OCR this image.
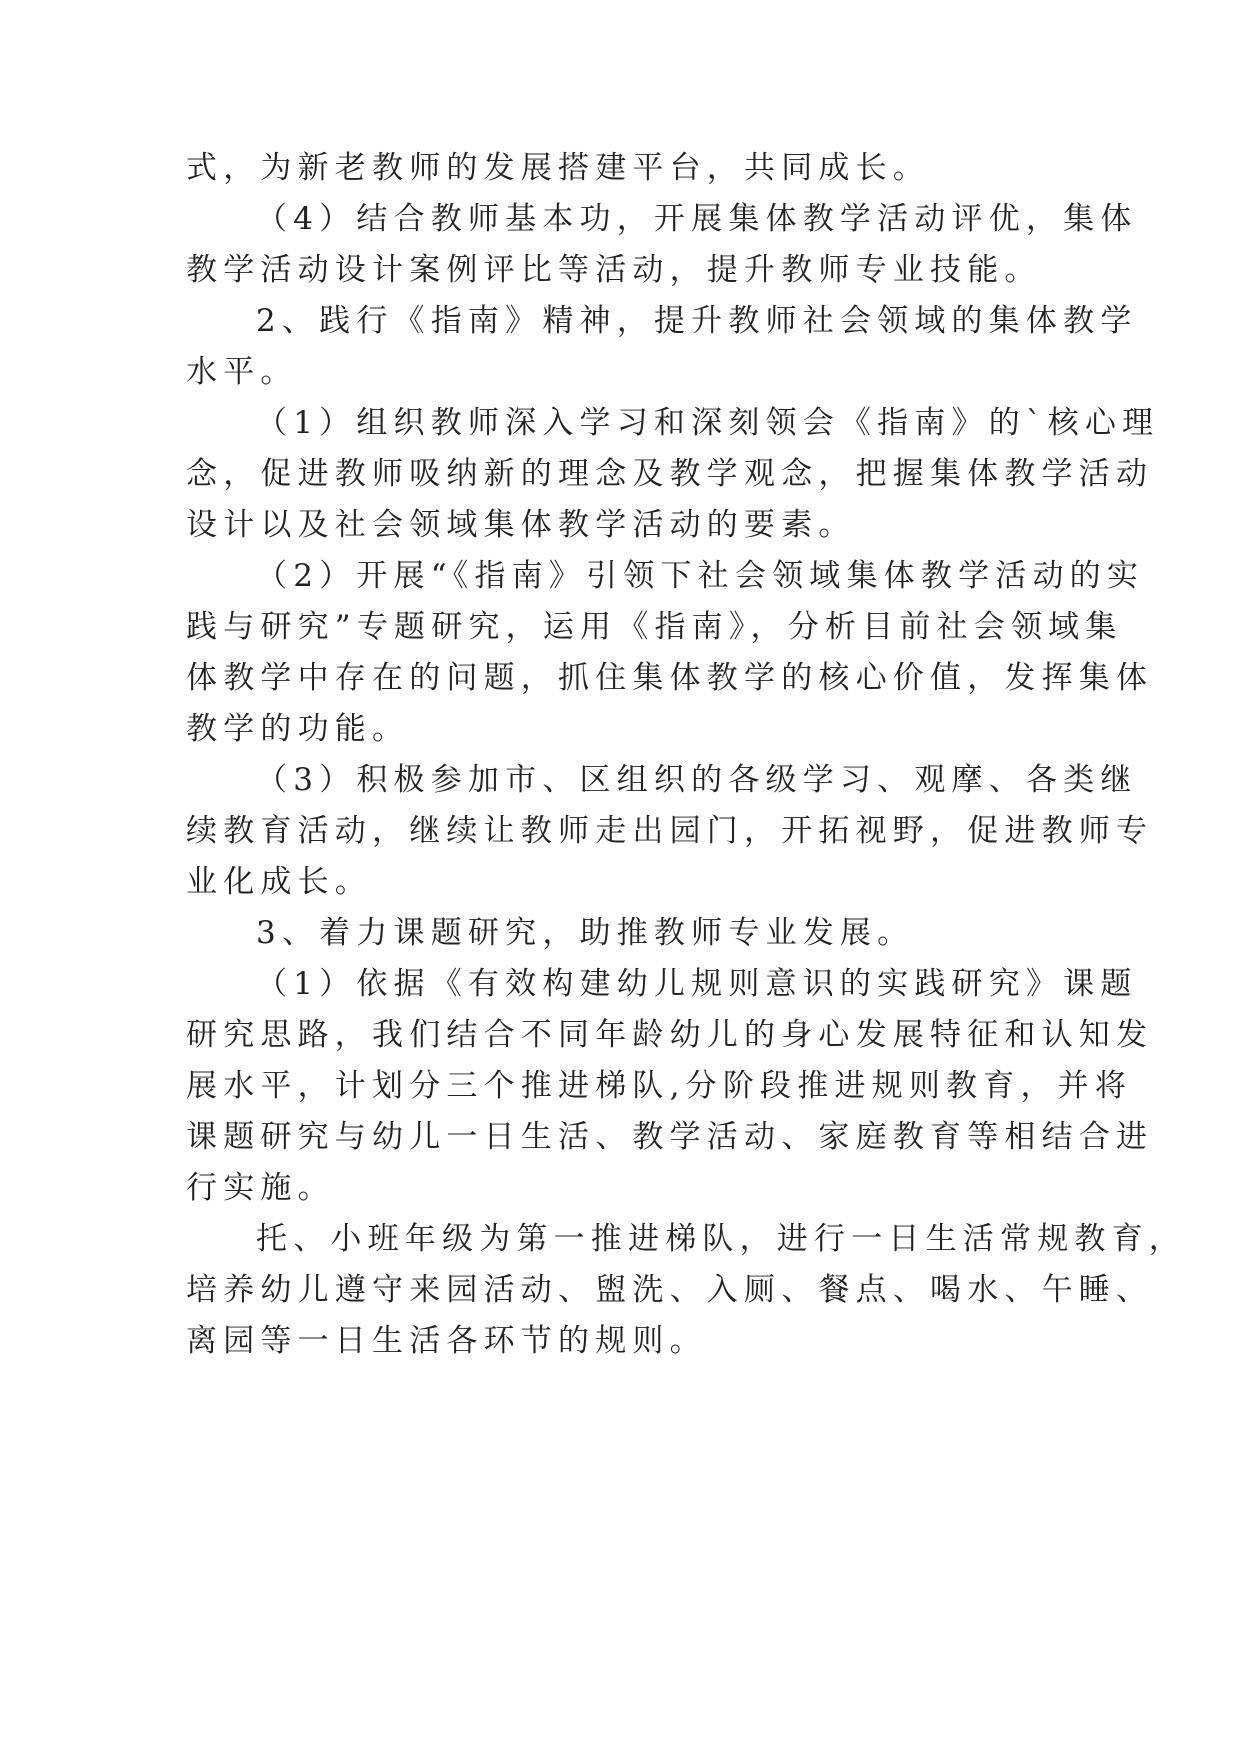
式，为新老教师的发展搭建平台，共同成长。

（4）结合教师基本功，开展集体教学活动评优，集体

教学活动设计案例评比等活动，提升教师专业技能。

2、践行《指南》精神，提升教师社会领域的集体教学

水平。

（1）组织教师深入学习和深刻领会《指南》的`核心理

念，促进教师吸纳新的理念及教学观念，把握集体教学活动

设计以及社会领域集体教学活动的要素。

（2）开展“《指南》引领下社会领域集体教学活动的实

践与研究”专题研究，运用《指南》，分析目前社会领域集

体教学中存在的问题，抓住集体教学的核心价值，发挥集体

教学的功能。

（3）积极参加市、区组织的各级学习、观摩、各类继

续教育活动，继续让教师走出园门，开拓视野，促进教师专

业化成长。

3、着力课题研究，助推教师专业发展。

（1）依据《有效构建幼儿规则意识的实践研究》课题

研究思路，我们结合不同年龄幼儿的身心发展特征和认知发

展水平，计划分三个推进梯队,分阶段推进规则教育，并将

课题研究与幼儿一日生活、教学活动、家庭教育等相结合进

行实施。

托、小班年级为第一推进梯队，进行一日生活常规教育，

培养幼儿遵守来园活动、盥洗、入厕、餐点、喝水、午睡、

离园等一日生活各环节的规则。
